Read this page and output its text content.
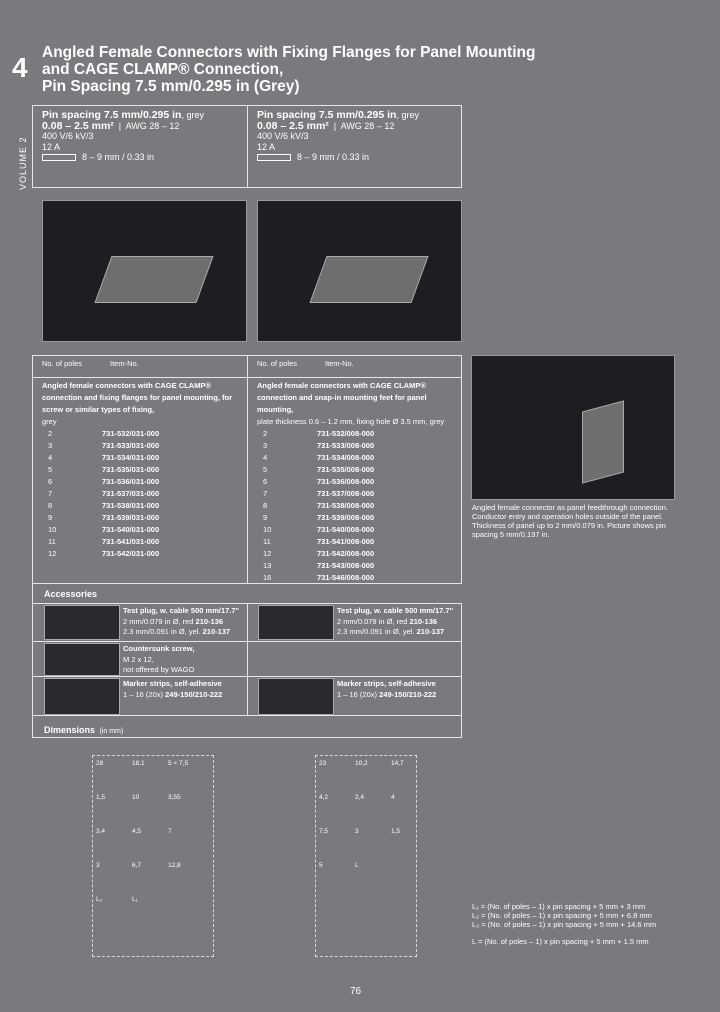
4 Angled Female Connectors with Fixing Flanges for Panel Mounting
and CAGE CLAMP® Connection,
Pin Spacing 7.5 mm/0.295 in (Grey)
VOLUME 2
Pin spacing 7.5 mm/0.295 in, grey
0.08 – 2.5 mm²  |  AWG 28 – 12
400 V/6 kV/3
12 A
8 – 9 mm / 0.33 in
Pin spacing 7.5 mm/0.295 in, grey
0.08 – 2.5 mm²  |  AWG 28 – 12
400 V/6 kV/3
12 A
8 – 9 mm / 0.33 in
Angled female connector as panel feedthrough connection. Conductor entry and operation holes outside of the panel. Thickness of panel up to 2 mm/0.079 in. Picture shows pin spacing 5 mm/0.197 in.
No. of poles	Item-No.	No. of poles	Item-No.
Angled female connectors with CAGE CLAMP® connection and fixing flanges for panel mounting, for screw or similar types of fixing,
grey
2	731-532/031-000
3	731-533/031-000
4	731-534/031-000
5	731-535/031-000
6	731-536/031-000
7	731-537/031-000
8	731-538/031-000
9	731-539/031-000
10	731-540/031-000
11	731-541/031-000
12	731-542/031-000
Angled female connectors with CAGE CLAMP® connection and snap-in mounting feet for panel mounting,
plate thickness 0.6 – 1.2 mm, fixing hole Ø 3.5 mm, grey
2	731-532/008-000
3	731-533/008-000
4	731-534/008-000
5	731-535/008-000
6	731-536/008-000
7	731-537/008-000
8	731-538/008-000
9	731-539/008-000
10	731-540/008-000
11	731-541/008-000
12	731-542/008-000
13	731-543/008-000
16	731-546/008-000
Accessories
Test plug, w. cable 500 mm/17.7"
2 mm/0.079 in Ø, red 210-136
2.3 mm/0.091 in Ø, yel. 210-137
Countersunk screw,
M 2 x 12,
not offered by WAGO
Marker strips, self-adhesive
1 – 16 (20x) 249-150/210-222
Test plug, w. cable 500 mm/17.7"
2 mm/0.079 in Ø, red 210-136
2.3 mm/0.091 in Ø, yel. 210-137
Marker strips, self-adhesive
1 – 16 (20x) 249-150/210-222
Dimensions (in mm)
28	18,1	5 × 7,5
1,5	10	3,55
3,4	4,5	7
3	6,7	12,8
L₂	L₁
23	10,2	14,7
4,2	2,4	4
7,5	3	1,5
5	L
L₁ = (No. of poles – 1) x pin spacing + 5 mm + 3 mm
L₂ = (No. of poles – 1) x pin spacing + 5 mm + 6.8 mm
L₃ = (No. of poles – 1) x pin spacing + 5 mm + 14.6 mm
L = (No. of poles – 1) x pin spacing + 5 mm + 1.5 mm
76
